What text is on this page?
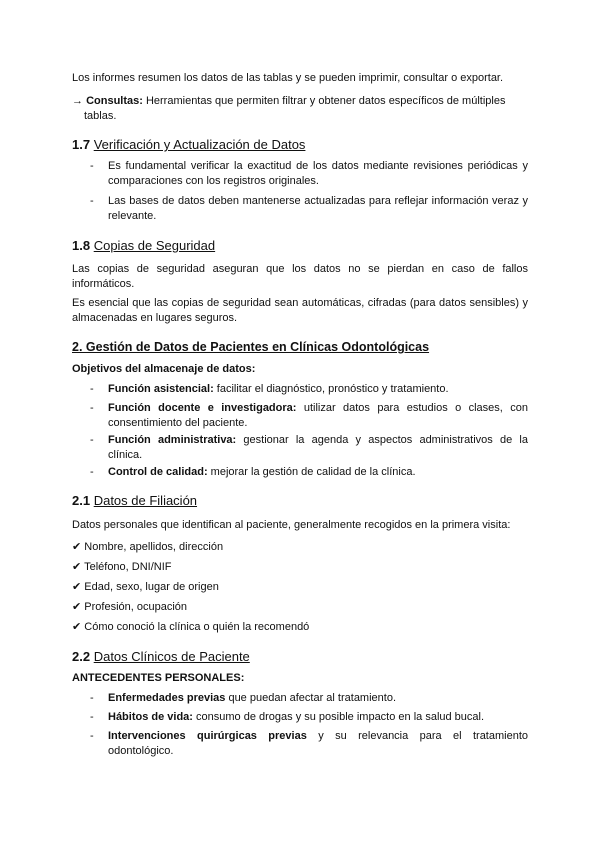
Los informes resumen los datos de las tablas y se pueden imprimir, consultar o exportar.
→ Consultas: Herramientas que permiten filtrar y obtener datos específicos de múltiples tablas.
1.7 Verificación y Actualización de Datos
- Es fundamental verificar la exactitud de los datos mediante revisiones periódicas y comparaciones con los registros originales.
- Las bases de datos deben mantenerse actualizadas para reflejar información veraz y relevante.
1.8 Copias de Seguridad
Las copias de seguridad aseguran que los datos no se pierdan en caso de fallos informáticos.
Es esencial que las copias de seguridad sean automáticas, cifradas (para datos sensibles) y almacenadas en lugares seguros.
2. Gestión de Datos de Pacientes en Clínicas Odontológicas
Objetivos del almacenaje de datos:
- Función asistencial: facilitar el diagnóstico, pronóstico y tratamiento.
- Función docente e investigadora: utilizar datos para estudios o clases, con consentimiento del paciente.
- Función administrativa: gestionar la agenda y aspectos administrativos de la clínica.
- Control de calidad: mejorar la gestión de calidad de la clínica.
2.1 Datos de Filiación
Datos personales que identifican al paciente, generalmente recogidos en la primera visita:
✔ Nombre, apellidos, dirección
✔ Teléfono, DNI/NIF
✔ Edad, sexo, lugar de origen
✔ Profesión, ocupación
✔ Cómo conoció la clínica o quién la recomendó
2.2 Datos Clínicos de Paciente
ANTECEDENTES PERSONALES:
- Enfermedades previas que puedan afectar al tratamiento.
- Hábitos de vida: consumo de drogas y su posible impacto en la salud bucal.
- Intervenciones quirúrgicas previas y su relevancia para el tratamiento odontológico.
